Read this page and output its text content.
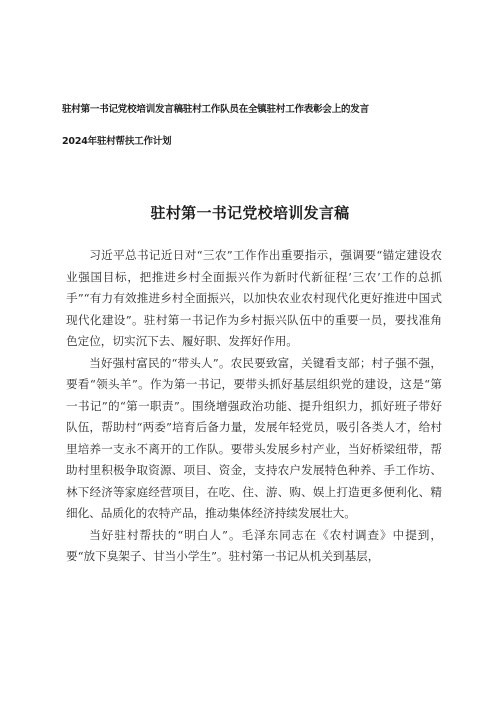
驻村第一书记党校培训发言稿驻村工作队员在全镇驻村工作表彰会上的发言
2024年驻村帮扶工作计划
驻村第一书记党校培训发言稿

习近平总书记近日对“三农”工作作出重要指示，强调要“锚定建设农业强国目标，把推进乡村全面振兴作为新时代新征程’三农’工作的总抓手”“有力有效推进乡村全面振兴，以加快农业农村现代化更好推进中国式现代化建设”。驻村第一书记作为乡村振兴队伍中的重要一员，要找准角色定位，切实沉下去、履好职、发挥好作用。

当好强村富民的“带头人”。农民要致富，关键看支部；村子强不强，要看“领头羊”。作为第一书记，要带头抓好基层组织党的建设，这是“第一书记”的“第一职责”。围绕增强政治功能、提升组织力，抓好班子带好队伍，帮助村“两委”培育后备力量，发展年轻党员，吸引各类人才，给村里培养一支永不离开的工作队。要带头发展乡村产业，当好桥梁纽带，帮助村里积极争取资源、项目、资金，支持农户发展特色种养、手工作坊、林下经济等家庭经营项目，在吃、住、游、购、娱上打造更多便利化、精细化、品质化的农特产品，推动集体经济持续发展壮大。

当好驻村帮扶的“明白人”。毛泽东同志在《农村调查》中提到，要“放下臭架子、甘当小学生”。驻村第一书记从机关到基层，
